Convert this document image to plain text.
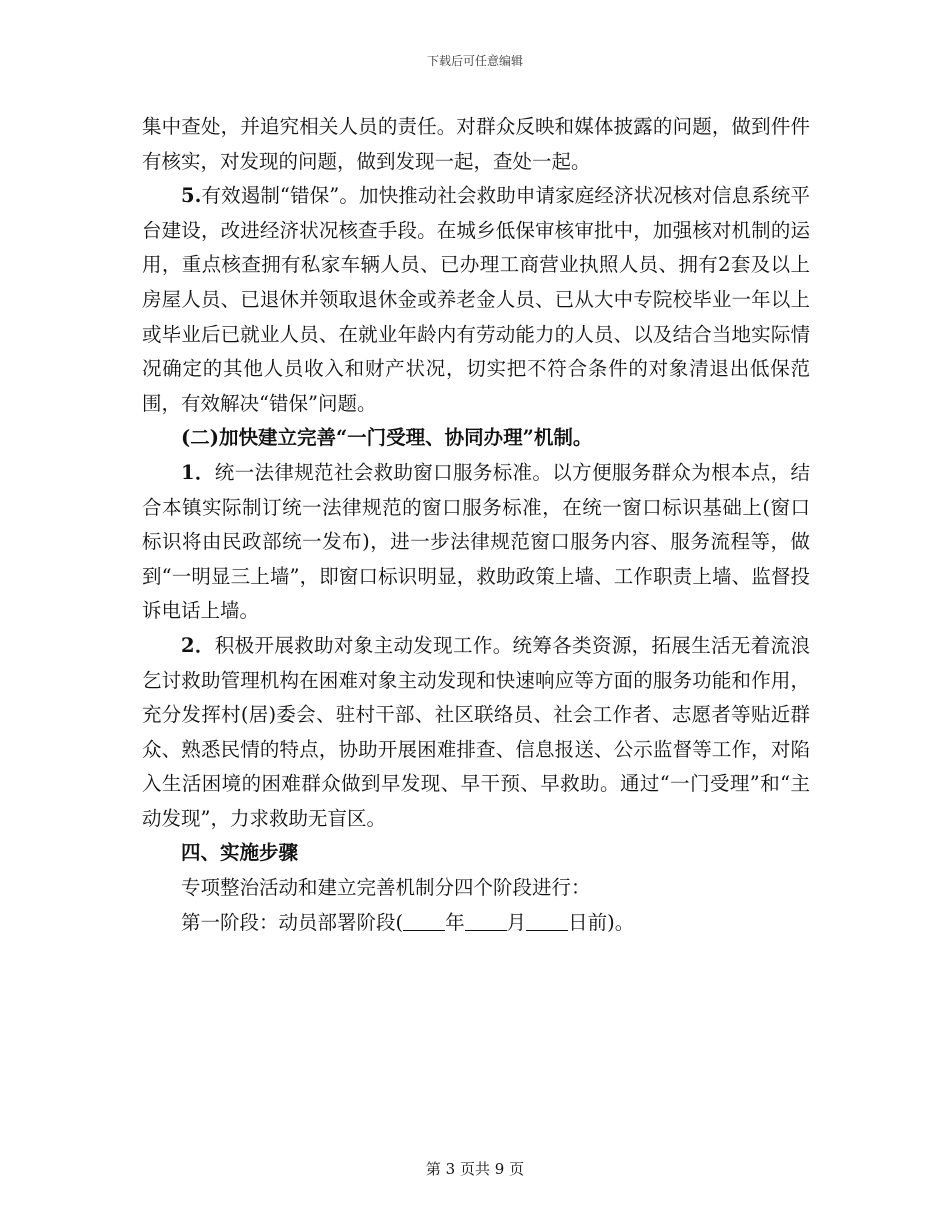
下载后可任意编辑

集中查处，并追究相关人员的责任。对群众反映和媒体披露的问题，做到件件有核实，对发现的问题，做到发现一起，查处一起。

5.有效遏制“错保”。加快推动社会救助申请家庭经济状况核对信息系统平台建设，改进经济状况核查手段。在城乡低保审核审批中，加强核对机制的运用，重点核查拥有私家车辆人员、已办理工商营业执照人员、拥有2套及以上房屋人员、已退休并领取退休金或养老金人员、已从大中专院校毕业一年以上或毕业后已就业人员、在就业年龄内有劳动能力的人员、以及结合当地实际情况确定的其他人员收入和财产状况，切实把不符合条件的对象清退出低保范围，有效解决“错保”问题。

(二)加快建立完善“一门受理、协同办理”机制。

1．统一法律规范社会救助窗口服务标准。以方便服务群众为根本点，结合本镇实际制订统一法律规范的窗口服务标准，在统一窗口标识基础上(窗口标识将由民政部统一发布)，进一步法律规范窗口服务内容、服务流程等，做到“一明显三上墙”，即窗口标识明显，救助政策上墙、工作职责上墙、监督投诉电话上墙。

2．积极开展救助对象主动发现工作。统筹各类资源，拓展生活无着流浪乞讨救助管理机构在困难对象主动发现和快速响应等方面的服务功能和作用，充分发挥村(居)委会、驻村干部、社区联络员、社会工作者、志愿者等贴近群众、熟悉民情的特点，协助开展困难排查、信息报送、公示监督等工作，对陷入生活困境的困难群众做到早发现、早干预、早救助。通过“一门受理”和“主动发现”，力求救助无盲区。

四、实施步骤

专项整治活动和建立完善机制分四个阶段进行：

第一阶段：动员部署阶段( 年 月 日前)。

第 3 页共 9 页
